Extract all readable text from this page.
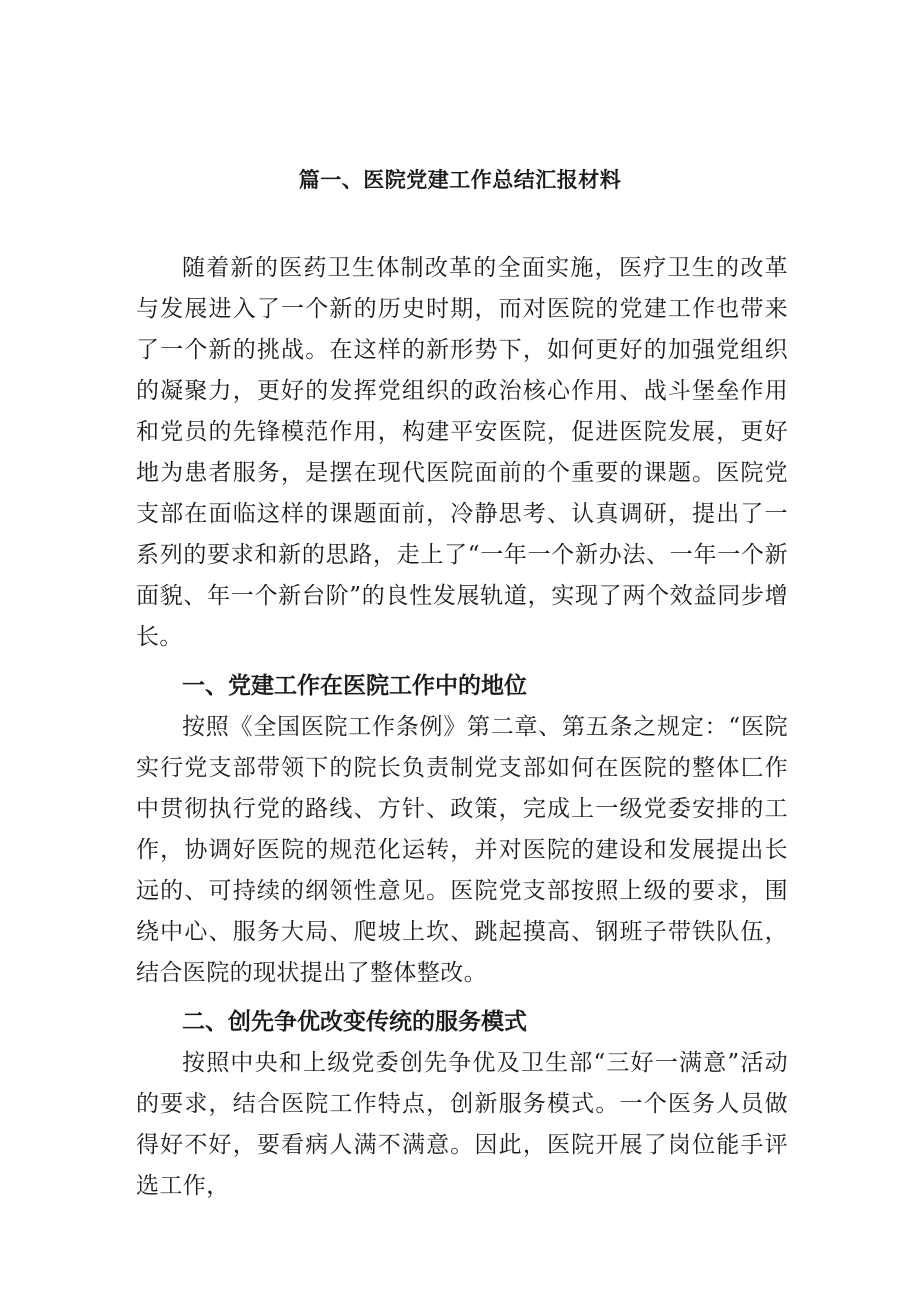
篇一、医院党建工作总结汇报材料

随着新的医药卫生体制改革的全面实施，医疗卫生的改革与发展进入了一个新的历史时期，而对医院的党建工作也带来了一个新的挑战。在这样的新形势下，如何更好的加强党组织的凝聚力，更好的发挥党组织的政治核心作用、战斗堡垒作用和党员的先锋模范作用，构建平安医院，促进医院发展，更好地为患者服务，是摆在现代医院面前的个重要的课题。医院党支部在面临这样的课题面前，冷静思考、认真调研，提出了一系列的要求和新的思路，走上了“一年一个新办法、一年一个新面貌、年一个新台阶”的良性发展轨道，实现了两个效益同步增长。

一、党建工作在医院工作中的地位

按照《全国医院工作条例》第二章、第五条之规定：“医院实行党支部带领下的院长负责制党支部如何在医院的整体匚作中贯彻执行党的路线、方针、政策，完成上一级党委安排的工作，协调好医院的规范化运转，并对医院的建设和发展提出长远的、可持续的纲领性意见。医院党支部按照上级的要求，围绕中心、服务大局、爬坡上坎、跳起摸高、钢班子带铁队伍，结合医院的现状提出了整体整改。

二、创先争优改变传统的服务模式

按照中央和上级党委创先争优及卫生部“三好一满意”活动的要求，结合医院工作特点，创新服务模式。一个医务人员做得好不好，要看病人满不满意。因此，医院开展了岗位能手评选工作，
